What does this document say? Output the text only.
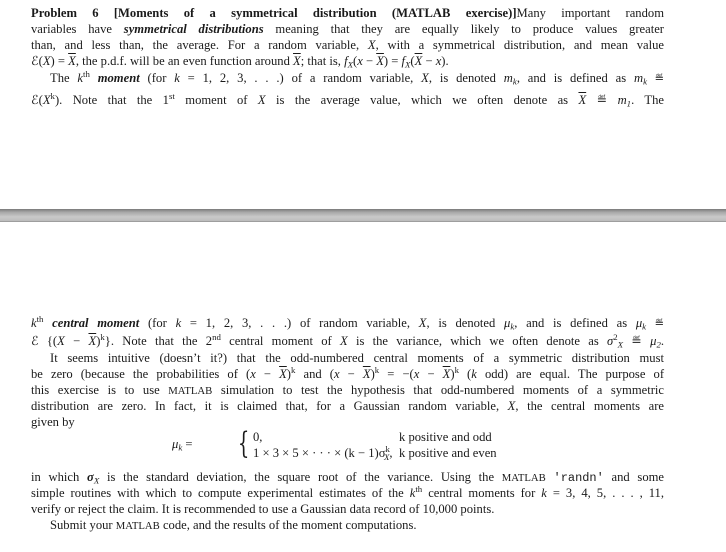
Problem 6 [Moments of a symmetrical distribution (MATLAB exercise)]Many important random
variables have symmetrical distributions meaning that they are equally likely to produce values greater
than, and less than, the average. For a random variable, X, with a symmetrical distribution, and mean value
ℰ(X) = $\overline{X}$, the p.d.f. will be an even function around $\overline{X}$; that is, $f_X(x - \overline{X}) = f_X(\overline{X} - x)$.
The $k^{th}$ moment (for k = 1, 2, 3, . . .) of a random variable, X, is denoted $m_k$, and is defined as $m_k$ ≝
$ℰ(X^k)$. Note that the 1st moment of X is the average value, which we often denote as $\overline{X}$ ≝ $m_1$. The
$k^{th}$ central moment (for k = 1, 2, 3, . . .) of random variable, X, is denoted $\mu_k$, and is defined as $\mu_k$ ≝
ℰ $\{(X - \overline{X})^k\}$. Note that the 2nd central moment of X is the variance, which we often denote as $\sigma^2_X$ ≝ $\mu_2$.
It seems intuitive (doesn’t it?) that the odd-numbered central moments of a symmetric distribution must
be zero (because the probabilities of $(x - \overline{X})^k$ and $(x - \overline{X})^k = -(x - \overline{X})^k$ (k odd) are equal. The purpose of
this exercise is to use MATLAB simulation to test the hypothesis that odd-numbered moments of a symmetric
distribution are zero. In fact, it is claimed that, for a Gaussian random variable, X, the central moments are
given by
in which $\sigma_X$ is the standard deviation, the square root of the variance. Using the MATLAB 'randn' and some
simple routines with which to compute experimental estimates of the $k^{th}$ central moments for k = 3, 4, 5, . . . , 11,
verify or reject the claim. It is recommended to use a Gaussian data record of 10,000 points.
Submit your MATLAB code, and the results of the moment computations.
$\mu_k$ = { 0,	k positive and odd
1 × 3 × 5 × · · · × $(k - 1)\sigma^k_X$, k positive and even
